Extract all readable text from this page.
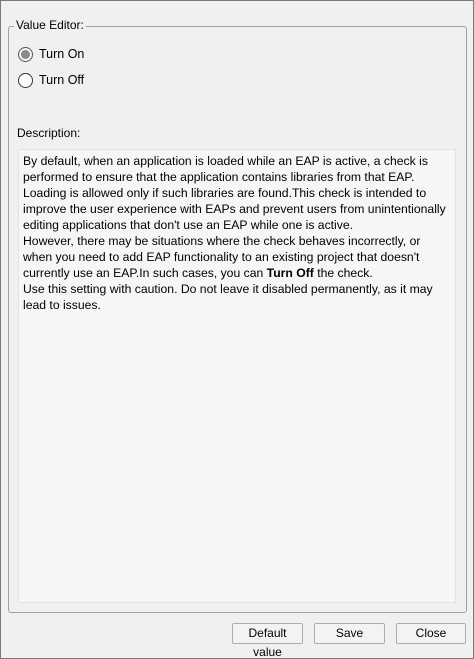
Value Editor:
Turn On
Turn Off
Description:

By default, when an application is loaded while an EAP is active, a check is performed to ensure that the application contains libraries from that EAP. Loading is allowed only if such libraries are found.This check is intended to improve the user experience with EAPs and prevent users from unintentionally editing applications that don't use an EAP while one is active.

However, there may be situations where the check behaves incorrectly, or when you need to add EAP functionality to an existing project that doesn't currently use an EAP.In such cases, you can Turn Off the check.

Use this setting with caution. Do not leave it disabled permanently, as it may lead to issues.

Default value
Save	Close
